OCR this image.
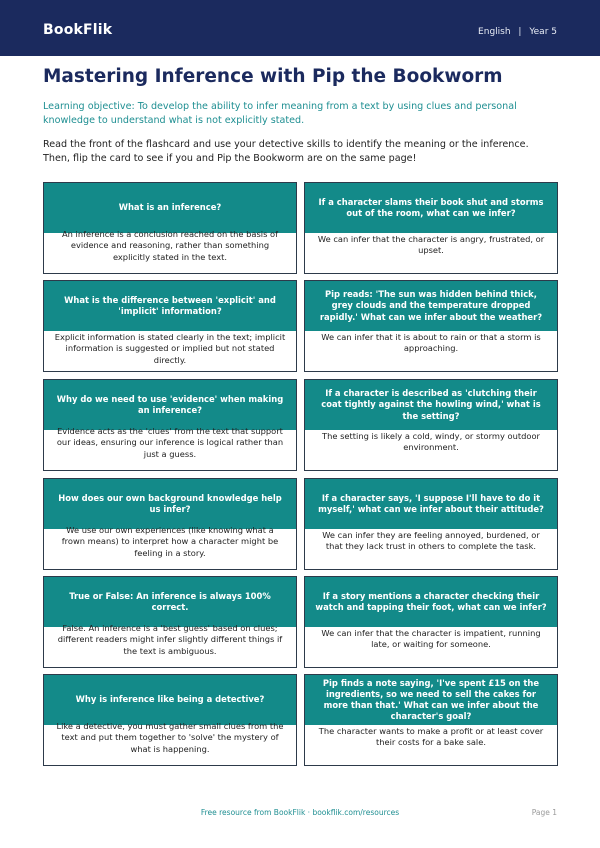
BookFlik	English | Year 5
Mastering Inference with Pip the Bookworm

Learning objective: To develop the ability to infer meaning from a text by using clues and personal knowledge to understand what is not explicitly stated.

Read the front of the flashcard and use your detective skills to identify the meaning or the inference. Then, flip the card to see if you and Pip the Bookworm are on the same page!

What is an inference?
An inference is a conclusion reached on the basis of evidence and reasoning, rather than something explicitly stated in the text.
If a character slams their book shut and storms out of the room, what can we infer?
We can infer that the character is angry, frustrated, or upset.
What is the difference between 'explicit' and 'implicit' information?
Explicit information is stated clearly in the text; implicit information is suggested or implied but not stated directly.
Pip reads: 'The sun was hidden behind thick, grey clouds and the temperature dropped rapidly.' What can we infer about the weather?
We can infer that it is about to rain or that a storm is approaching.
Why do we need to use 'evidence' when making an inference?
Evidence acts as the 'clues' from the text that support our ideas, ensuring our inference is logical rather than just a guess.
If a character is described as 'clutching their coat tightly against the howling wind,' what is the setting?
The setting is likely a cold, windy, or stormy outdoor environment.
How does our own background knowledge help us infer?
We use our own experiences (like knowing what a frown means) to interpret how a character might be feeling in a story.
If a character says, 'I suppose I'll have to do it myself,' what can we infer about their attitude?
We can infer they are feeling annoyed, burdened, or that they lack trust in others to complete the task.
True or False: An inference is always 100% correct.
False. An inference is a 'best guess' based on clues; different readers might infer slightly different things if the text is ambiguous.
If a story mentions a character checking their watch and tapping their foot, what can we infer?
We can infer that the character is impatient, running late, or waiting for someone.
Why is inference like being a detective?
Like a detective, you must gather small clues from the text and put them together to 'solve' the mystery of what is happening.
Pip finds a note saying, 'I've spent £15 on the ingredients, so we need to sell the cakes for more than that.' What can we infer about the character's goal?
The character wants to make a profit or at least cover their costs for a bake sale.
Free resource from BookFlik · bookflik.com/resources	Page 1
